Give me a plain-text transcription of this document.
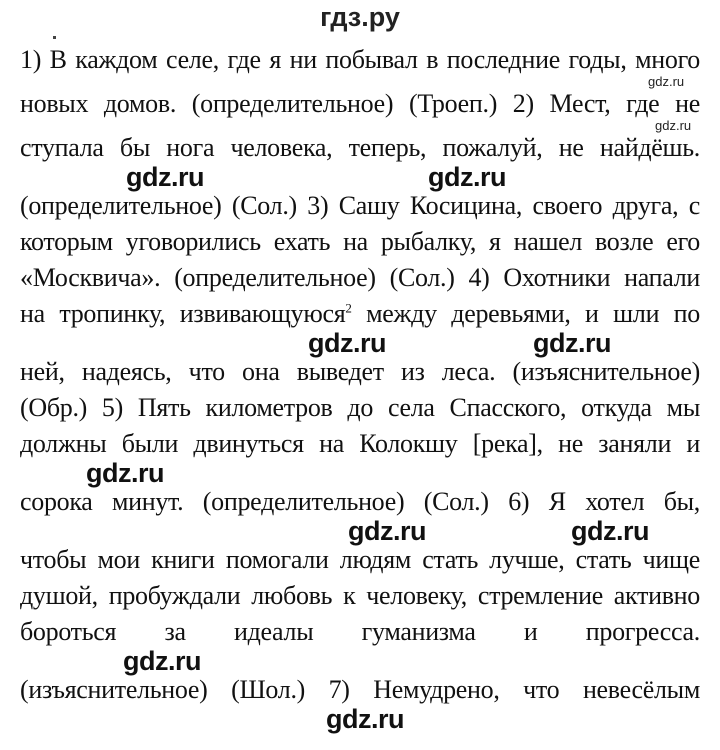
гдз.ру
1) В каждом селе, где я ни побывал в последние годы, много
gdz.ru
новых домов. (определительное) (Троеп.) 2) Мест, где не
gdz.ru
ступала бы нога человека, теперь, пожалуй, не найдёшь.
gdz.ru	gdz.ru
(определительное) (Сол.) 3) Сашу Косицина, своего друга, с
которым уговорились ехать на рыбалку, я нашел возле его
«Москвича». (определительное) (Сол.) 4) Охотники напали
на тропинку, извивающуюся$^2$ между деревьями, и шли по
gdz.ru	gdz.ru
ней, надеясь, что она выведет из леса. (изъяснительное)
(Обр.) 5) Пять километров до села Спасского, откуда мы
должны были двинуться на Колокшу [река], не заняли и
gdz.ru
сорока минут. (определительное) (Сол.) 6) Я хотел бы,
gdz.ru	gdz.ru
чтобы мои книги помогали людям стать лучше, стать чище
душой, пробуждали любовь к человеку, стремление активно
бороться за идеалы гуманизма и прогресса.
gdz.ru
(изъяснительное) (Шол.) 7) Немудрено, что невесёлым
gdz.ru
